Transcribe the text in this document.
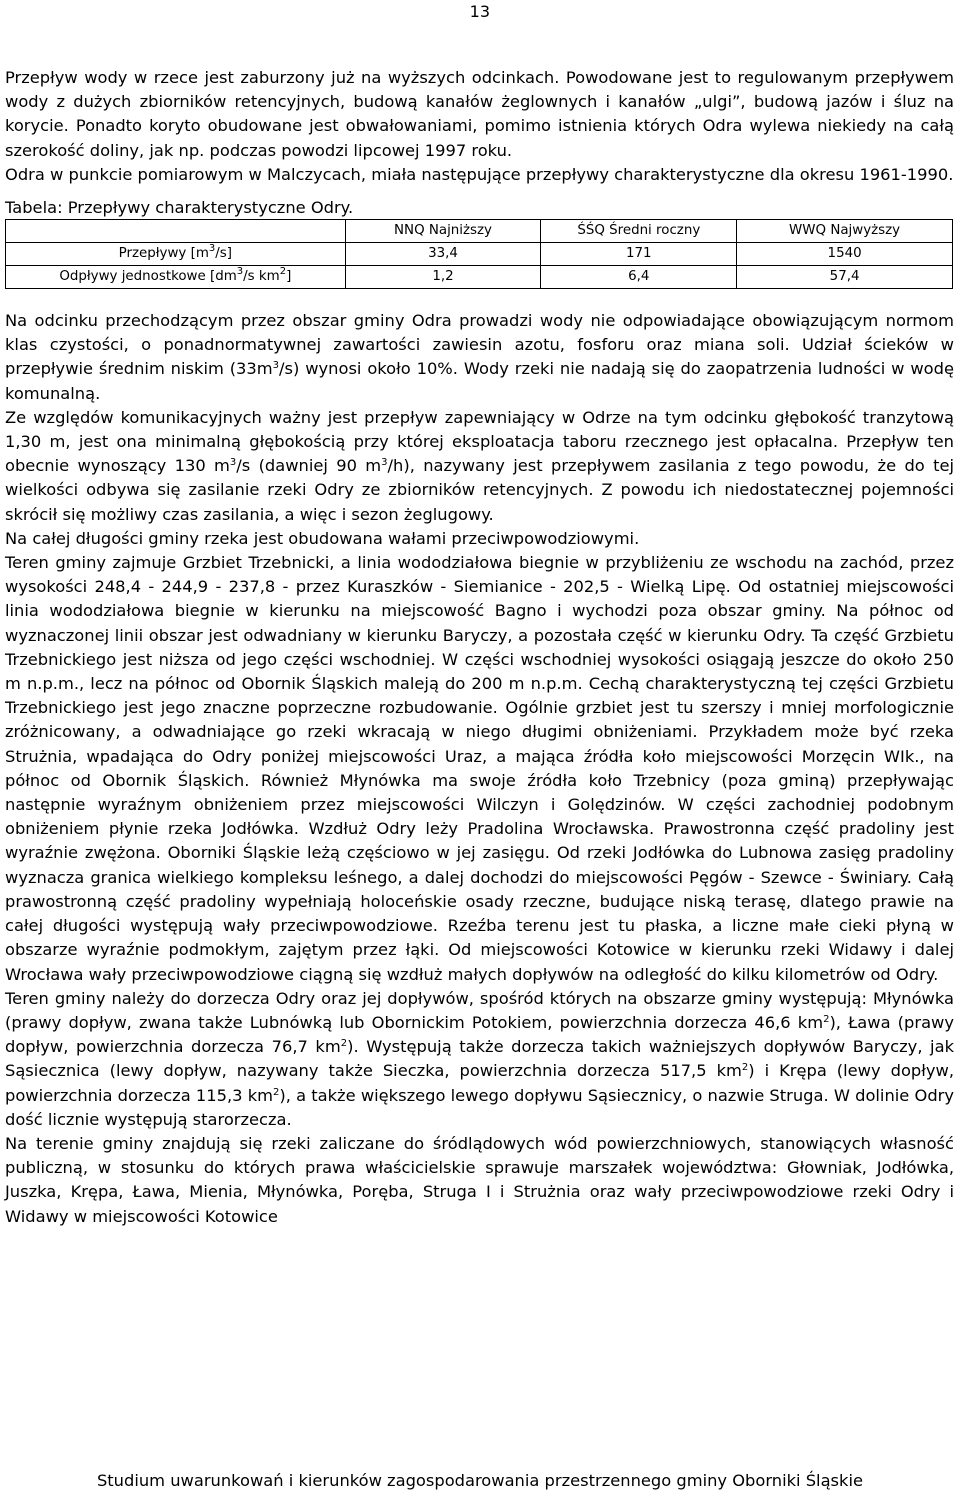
13

Przepływ wody w rzece jest zaburzony już na wyższych odcinkach. Powodowane jest to regulowanym przepływem wody z dużych zbiorników retencyjnych, budową kanałów żeglownych i kanałów „ulgi”, budową jazów i śluz na korycie. Ponadto koryto obudowane jest obwałowaniami, pomimo istnienia których Odra wylewa niekiedy na całą szerokość doliny, jak np. podczas powodzi lipcowej 1997 roku.

Odra w punkcie pomiarowym w Malczycach, miała następujące przepływy charakterystyczne dla okresu 1961-1990.

Tabela: Przepływy charakterystyczne Odry.

	NNQ Najniższy	ŚŚQ Średni roczny	WWQ Najwyższy
Przepływy $[m^3/s]$	33,4	171	1540
Odpływy jednostkowe [$dm^3/s$ $km^2$]	1,2	6,4	57,4

Na odcinku przechodzącym przez obszar gminy Odra prowadzi wody nie odpowiadające obowiązującym normom klas czystości, o ponadnormatywnej zawartości zawiesin azotu, fosforu oraz miana soli. Udział ścieków w przepływie średnim niskim $(33m^3/s)$ wynosi około 10%. Wody rzeki nie nadają się do zaopatrzenia ludności w wodę komunalną.

Ze względów komunikacyjnych ważny jest przepływ zapewniający w Odrze na tym odcinku głębokość tranzytową 1,30 m, jest ona minimalną głębokością przy której eksploatacja taboru rzecznego jest opłacalna. Przepływ ten obecnie wynoszący 130 $m^3/s$ (dawniej 90 $m^3/h$), nazywany jest przepływem zasilania z tego powodu, że do tej wielkości odbywa się zasilanie rzeki Odry ze zbiorników retencyjnych. Z powodu ich niedostatecznej pojemności skrócił się możliwy czas zasilania, a więc i sezon żeglugowy.

Na całej długości gminy rzeka jest obudowana wałami przeciwpowodziowymi.

Teren gminy zajmuje Grzbiet Trzebnicki, a linia wododziałowa biegnie w przybliżeniu ze wschodu na zachód, przez wysokości 248,4 - 244,9 - 237,8 - przez Kuraszków - Siemianice - 202,5 - Wielką Lipę. Od ostatniej miejscowości linia wododziałowa biegnie w kierunku na miejscowość Bagno i wychodzi poza obszar gminy. Na północ od wyznaczonej linii obszar jest odwadniany w kierunku Baryczy, a pozostała część w kierunku Odry. Ta część Grzbietu Trzebnickiego jest niższa od jego części wschodniej. W części wschodniej wysokości osiągają jeszcze do około 250 m n.p.m., lecz na północ od Obornik Śląskich maleją do 200 m n.p.m. Cechą charakterystyczną tej części Grzbietu Trzebnickiego jest jego znaczne poprzeczne rozbudowanie. Ogólnie grzbiet jest tu szerszy i mniej morfologicznie zróżnicowany, a odwadniające go rzeki wkracają w niego długimi obniżeniami. Przykładem może być rzeka Strużnia, wpadająca do Odry poniżej miejscowości Uraz, a mająca źródła koło miejscowości Morzęcin WIk., na północ od Obornik Śląskich. Również Młynówka ma swoje źródła koło Trzebnicy (poza gminą) przepływając następnie wyraźnym obniżeniem przez miejscowości Wilczyn i Golędzinów. W części zachodniej podobnym obniżeniem płynie rzeka Jodłówka. Wzdłuż Odry leży Pradolina Wrocławska. Prawostronna część pradoliny jest wyraźnie zwężona. Oborniki Śląskie leżą częściowo w jej zasięgu. Od rzeki Jodłówka do Lubnowa zasięg pradoliny wyznacza granica wielkiego kompleksu leśnego, a dalej dochodzi do miejscowości Pęgów - Szewce - Świniary. Całą prawostronną część pradoliny wypełniają holoceńskie osady rzeczne, budujące niską terasę, dlatego prawie na całej długości występują wały przeciwpowodziowe. Rzeźba terenu jest tu płaska, a liczne małe cieki płyną w obszarze wyraźnie podmokłym, zajętym przez łąki. Od miejscowości Kotowice w kierunku rzeki Widawy i dalej Wrocława wały przeciwpowodziowe ciągną się wzdłuż małych dopływów na odległość do kilku kilometrów od Odry.

Teren gminy należy do dorzecza Odry oraz jej dopływów, spośród których na obszarze gminy występują: Młynówka (prawy dopływ, zwana także Lubnówką lub Obornickim Potokiem, powierzchnia dorzecza 46,6 $km^2$), Ława (prawy dopływ, powierzchnia dorzecza 76,7 $km^2$). Występują także dorzecza takich ważniejszych dopływów Baryczy, jak Sąsiecznica (lewy dopływ, nazywany także Sieczka, powierzchnia dorzecza 517,5 $km^2$) i Krępa (lewy dopływ, powierzchnia dorzecza 115,3 $km^2$), a także większego lewego dopływu Sąsiecznicy, o nazwie Struga. W dolinie Odry dość licznie występują starorzecza.

Na terenie gminy znajdują się rzeki zaliczane do śródlądowych wód powierzchniowych, stanowiących własność publiczną, w stosunku do których prawa właścicielskie sprawuje marszałek województwa: Głowniak, Jodłówka, Juszka, Krępa, Ława, Mienia, Młynówka, Poręba, Struga I i Strużnia oraz wały przeciwpowodziowe rzeki Odry i Widawy w miejscowości Kotowice

Studium uwarunkowań i kierunków zagospodarowania przestrzennego gminy Oborniki Śląskie
